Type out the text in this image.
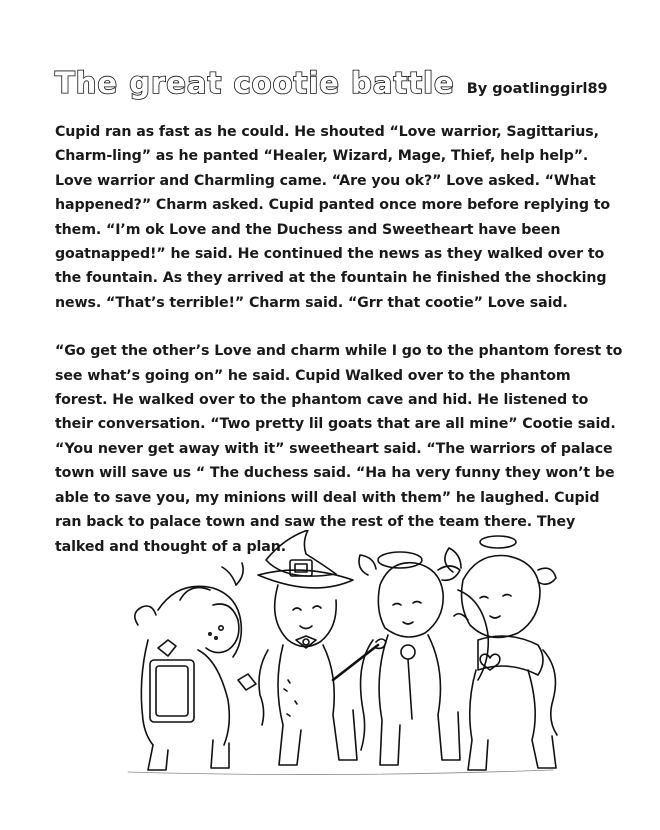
The great cootie battle By goatlinggirl89

Cupid ran as fast as he could. He shouted “Love warrior, Sagittarius, Charm-ling” as he panted “Healer, Wizard, Mage, Thief, help help”. Love warrior and Charmling came. “Are you ok?” Love asked. “What happened?” Charm asked. Cupid panted once more before replying to them. “I’m ok Love and the Duchess and Sweetheart have been goatnapped!” he said. He continued the news as they walked over to the fountain. As they arrived at the fountain he finished the shocking news. “That’s terrible!” Charm said. “Grr that cootie” Love said.

“Go get the other’s Love and charm while I go to the phantom forest to see what’s going on” he said. Cupid Walked over to the phantom forest. He walked over to the phantom cave and hid. He listened to their conversation. “Two pretty lil goats that are all mine” Cootie said. “You never get away with it” sweetheart said. “The warriors of palace town will save us “ The duchess said. “Ha ha very funny they won’t be able to save you, my minions will deal with them” he laughed. Cupid ran back to palace town and saw the rest of the team there. They talked and thought of a plan.
